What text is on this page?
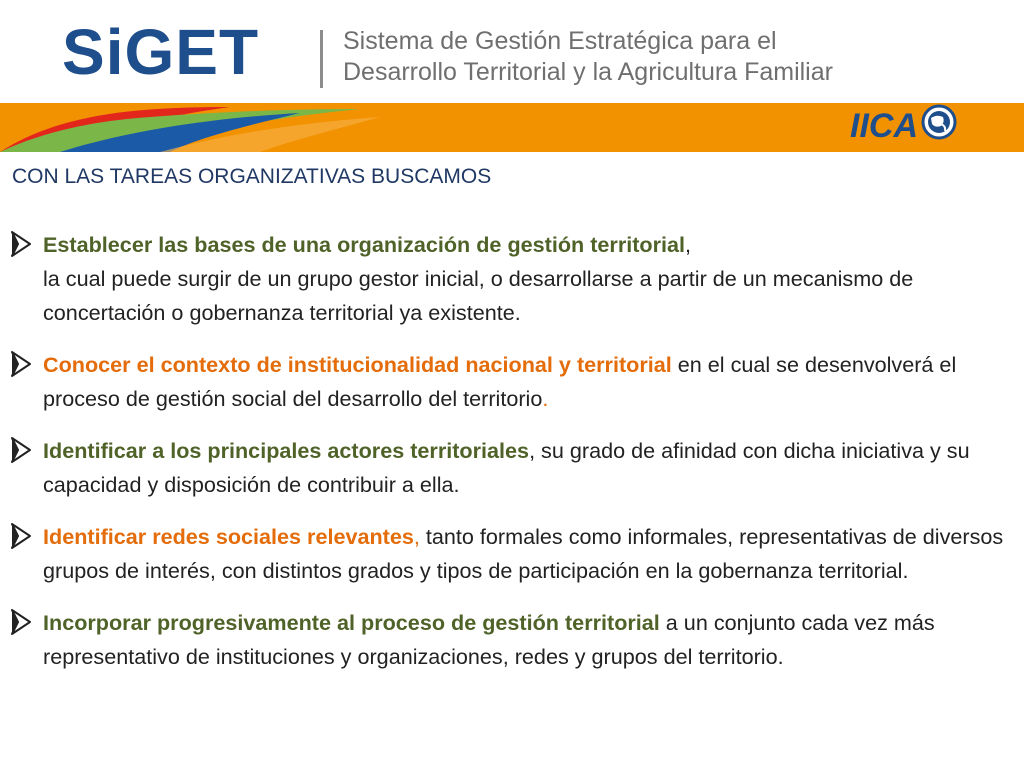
SiGET	Sistema de Gestión Estratégica para el
Desarrollo Territorial y la Agricultura Familiar
IICA
CON LAS TAREAS ORGANIZATIVAS BUSCAMOS
Establecer las bases de una organización de gestión territorial,
la cual puede surgir de un grupo gestor inicial, o desarrollarse a partir de un mecanismo de concertación o gobernanza territorial ya existente.
Conocer el contexto de institucionalidad nacional y territorial en el cual se desenvolverá el proceso de gestión social del desarrollo del territorio.
Identificar a los principales actores territoriales, su grado de afinidad con dicha iniciativa y su capacidad y disposición de contribuir a ella.
Identificar redes sociales relevantes, tanto formales como informales, representativas de diversos grupos de interés, con distintos grados y tipos de participación en la gobernanza territorial.
Incorporar progresivamente al proceso de gestión territorial a un conjunto cada vez más representativo de instituciones y organizaciones, redes y grupos del territorio.
